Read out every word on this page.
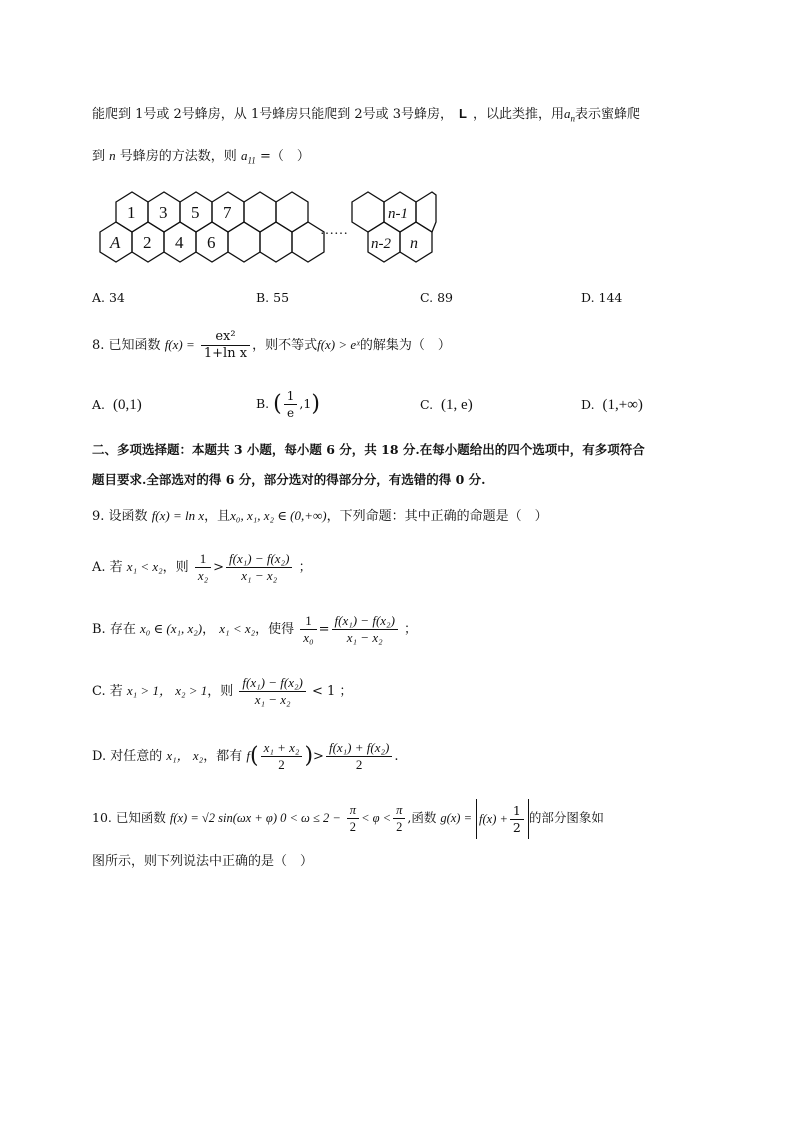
能爬到 1号或 2号蜂房，从 1号蜂房只能爬到 2号或 3号蜂房， L ，以此类推，用$a_n$表示蜜蜂爬
到 n 号蜂房的方法数，则 $a_{11}$ =（　）
1 3 5 7
A 2 4 6
……
n-1
n-2 n
A. 34	B. 55	C. 89	D. 144
8. 已知函数 $f(x) = \frac{\text{ex²}}{\text{1+ln x}}$ ，则不等式f(x) > eˣ的解集为（　）
A. (0,1)	B. ( $\frac{1}{e} ,1$)	C. (1, e)	D. (1,+∞)
二、多项选择题：本题共 3 小题，每小题 6 分，共 18 分.在每小题给出的四个选项中，有多项符合
题目要求.全部选对的得 6 分，部分选对的得部分分，有选错的得 0 分.
9. 设函数 f(x) = ln x，且x₀, x₁, x₂ ∈ (0,+∞)，下列命题：其中正确的命题是（　）
A. 若 x₁ < x₂，则 $\frac{1}{\text{x₂}} > \frac{\text{f(x₁) − f(x₂)}}{\text{x₁ − x₂}}$ ；
B. 存在 x₀ ∈ (x₁, x₂)， x₁ < x₂，使得 $\frac{1}{\text{x₀}} = \frac{\text{f(x₁) − f(x₂)}}{\text{x₁ − x₂}}$ ；
C. 若 x₁ > 1， x₂ > 1，则 $\frac{\text{f(x₁) − f(x₂)}}{\text{x₁ − x₂}} < 1$ ；
D. 对任意的 x₁， x₂，都有 $f( \frac{\text{x₁ + x₂}}{2}$ )> $\frac{\text{f(x₁) + f(x₂)}}{2}$ .
10. 已知函数 f(x) = √2 sin(ωx + φ) $0 < \omega \le 2 - \frac{\pi}{2} < \varphi < \frac{\pi}{2}$ ,函数 $g(x) = f(x) + \frac{1}{2}$ 的部分图象如
图所示，则下列说法中正确的是（　）
